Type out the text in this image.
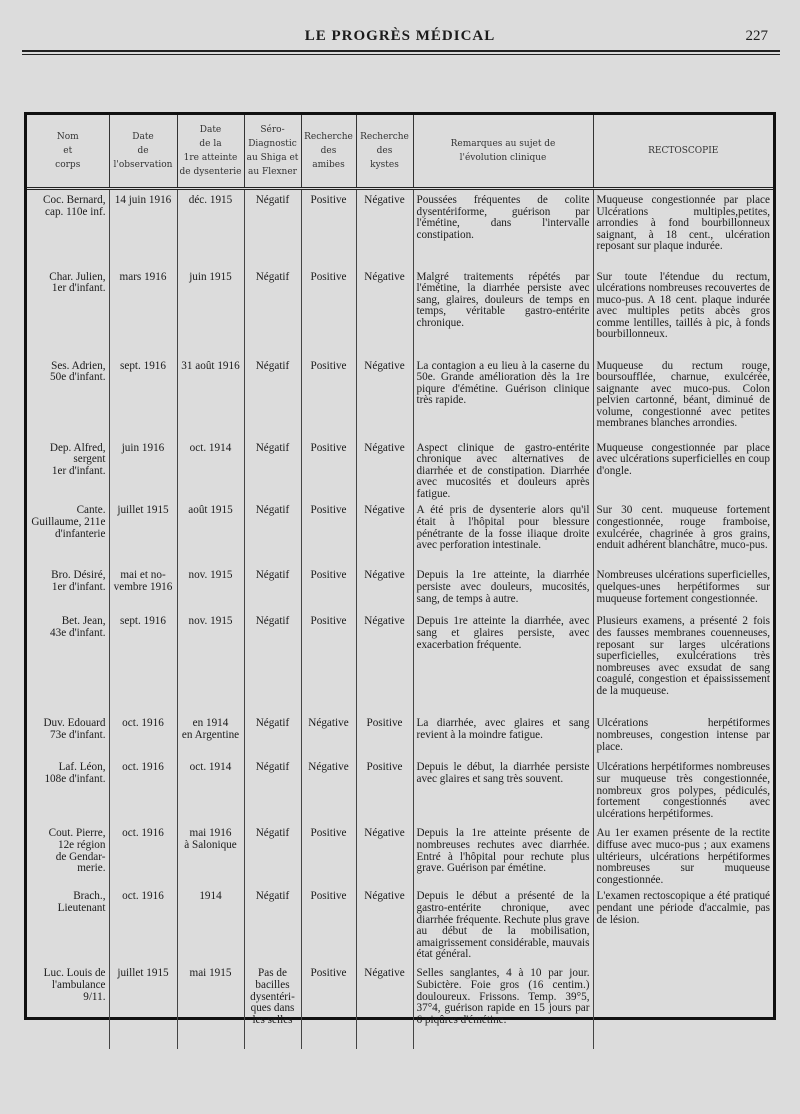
LE PROGRÈS MÉDICAL	227
Nom
et
corps	Date
de
l'observation	Date
de la
1re atteinte
de dysenterie	Séro-
Diagnostic
au Shiga et
au Flexner	Recherche
des
amibes	Recherche
des
kystes	Remarques au sujet de
l'évolution clinique	RECTOSCOPIE
Coc. Bernard,
cap. 110e inf.	14 juin 1916	déc. 1915	Négatif	Positive	Négative	Poussées fréquentes de colite dysentériforme, guérison par l'émétine, dans l'intervalle constipation.	Muqueuse congestionnée par place Ulcérations multiples,petites, arrondies à fond bourbillonneux saignant, à 18 cent., ulcération reposant sur plaque indurée.
Char. Julien,
1er d'infant.	mars 1916	juin 1915	Négatif	Positive	Négative	Malgré traitements répétés par l'émétine, la diarrhée persiste avec sang, glaires, douleurs de temps en temps, véritable gastro-entérite chronique.	Sur toute l'étendue du rectum, ulcérations nombreuses recouvertes de muco-pus. A 18 cent. plaque indurée avec multiples petits abcès gros comme lentilles, taillés à pic, à fonds bourbillonneux.
Ses. Adrien,
50e d'infant.	sept. 1916	31 août 1916	Négatif	Positive	Négative	La contagion a eu lieu à la caserne du 50e. Grande amélioration dès la 1re piqure d'émétine. Guérison clinique très rapide.	Muqueuse du rectum rouge, boursoufflée, charnue, exulcérée, saignante avec muco-pus. Colon pelvien cartonné, béant, diminué de volume, congestionné avec petites membranes blanches arrondies.
Dep. Alfred,
sergent
1er d'infant.	juin 1916	oct. 1914	Négatif	Positive	Négative	Aspect clinique de gastro-entérite chronique avec alternatives de diarrhée et de constipation. Diarrhée avec mucosités et douleurs après fatigue.	Muqueuse congestionnée par place avec ulcérations superficielles en coup d'ongle.
Cante. Guillaume, 211e
d'infanterie	juillet 1915	août 1915	Négatif	Positive	Négative	A été pris de dysenterie alors qu'il était à l'hôpital pour blessure pénétrante de la fosse iliaque droite avec perforation intestinale.	Sur 30 cent. muqueuse fortement congestionnée, rouge framboise, exulcérée, chagrinée à gros grains, enduit adhérent blanchâtre, muco-pus.
Bro. Désiré,
1er d'infant.	mai et no-
vembre 1916	nov. 1915	Négatif	Positive	Négative	Depuis la 1re atteinte, la diarrhée persiste avec douleurs, mucosités, sang, de temps à autre.	Nombreuses ulcérations superficielles, quelques-unes herpétiformes sur muqueuse fortement congestionnée.
Bet. Jean,
43e d'infant.	sept. 1916	nov. 1915	Négatif	Positive	Négative	Depuis 1re atteinte la diarrhée, avec sang et glaires persiste, avec exacerbation fréquente.	Plusieurs examens, a présenté 2 fois des fausses membranes couenneuses, reposant sur larges ulcérations superficielles, exulcérations très nombreuses avec exsudat de sang coagulé, congestion et épaississement de la muqueuse.
Duv. Edouard
73e d'infant.	oct. 1916	en 1914
en Argentine	Négatif	Négative	Positive	La diarrhée, avec glaires et sang revient à la moindre fatigue.	Ulcérations herpétiformes nombreuses, congestion intense par place.
Laf. Léon,
108e d'infant.	oct. 1916	oct. 1914	Négatif	Négative	Positive	Depuis le début, la diarrhée persiste avec glaires et sang très souvent.	Ulcérations herpétiformes nombreuses sur muqueuse très congestionnée, nombreux gros polypes, pédiculés, fortement congestionnés avec ulcérations herpétiformes.
Cout. Pierre,
12e région
de Gendar-
merie.	oct. 1916	mai 1916
à Salonique	Négatif	Positive	Négative	Depuis la 1re atteinte présente de nombreuses rechutes avec diarrhée. Entré à l'hôpital pour rechute plus grave. Guérison par émétine.	Au 1er examen présente de la rectite diffuse avec muco-pus ; aux examens ultérieurs, ulcérations herpétiformes nombreuses sur muqueuse congestionnée.
Brach.,
Lieutenant	oct. 1916	1914	Négatif	Positive	Négative	Depuis le début a présenté de la gastro-entérite chronique, avec diarrhée fréquente. Rechute plus grave au début de la mobilisation, amaigrissement considérable, mauvais état général.	L'examen rectoscopique a été pratiqué pendant une période d'accalmie, pas de lésion.
Luc. Louis de
l'ambulance
9/11.	juillet 1915	mai 1915	Pas de
bacilles
dysentéri-
ques dans
les selles	Positive	Négative	Selles sanglantes, 4 à 10 par jour. Subictère. Foie gros (16 centim.) douloureux. Frissons. Temp. 39°5, 37°4, guérison rapide en 15 jours par 6 piqûres d'émétine.	
